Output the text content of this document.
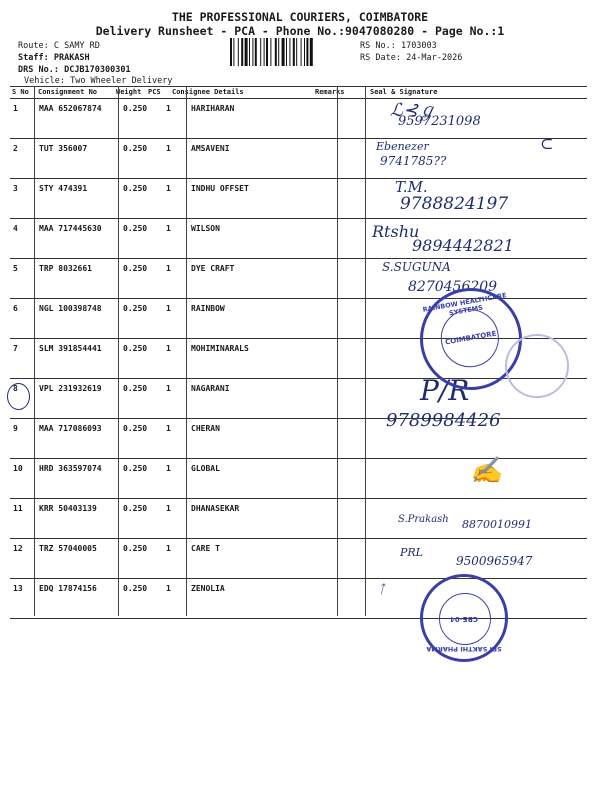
THE PROFESSIONAL COURIERS, COIMBATORE
Delivery Runsheet - PCA - Phone No.:9047080280 - Page No.:1
Route: C SAMY RD
Staff: PRAKASH
DRS No.: DCJB170300301
Vehicle: Two Wheeler Delivery
RS No.: 1703003
RS Date: 24-Mar-2026
S No Consignment No	Weight PCS Consignee Details	Remarks	Seal & Signature
1	MAA 652067874	0.250 1	HARIHARAN
2	TUT 356007	0.250 1	AMSAVENI
3	STY 474391	0.250 1	INDHU OFFSET
4	MAA 717445630	0.250 1	WILSON
5	TRP 8032661	0.250 1	DYE CRAFT
6	NGL 100398748	0.250 1	RAINBOW
7	SLM 391854441	0.250 1	MOHIMINARALS
8	VPL 231932619	0.250 1	NAGARANI
9	MAA 717086093	0.250 1	CHERAN
10 HRD 363597074	0.250 1	GLOBAL
11 KRR 50403139	0.250 1	DHANASEKAR
12 TRZ 57040005	0.250 1	CARE T
13 EDQ 17874156	0.250 1	ZENOLIA
ℒ⊰ℊ
9597231098
Ebenezer
9741785??
⊂
T.M.
9788824197
Rtshu
9894442821
S.SUGUNA
8270456209
P/R
9789984426
✍
S.Prakash 8870010991
PRL
9500965947
ᛏ
RAINBOW HEALTHCARE SYSTEMS
COIMBATORE
SRI SAKTHI PHARMA
CBE-04
